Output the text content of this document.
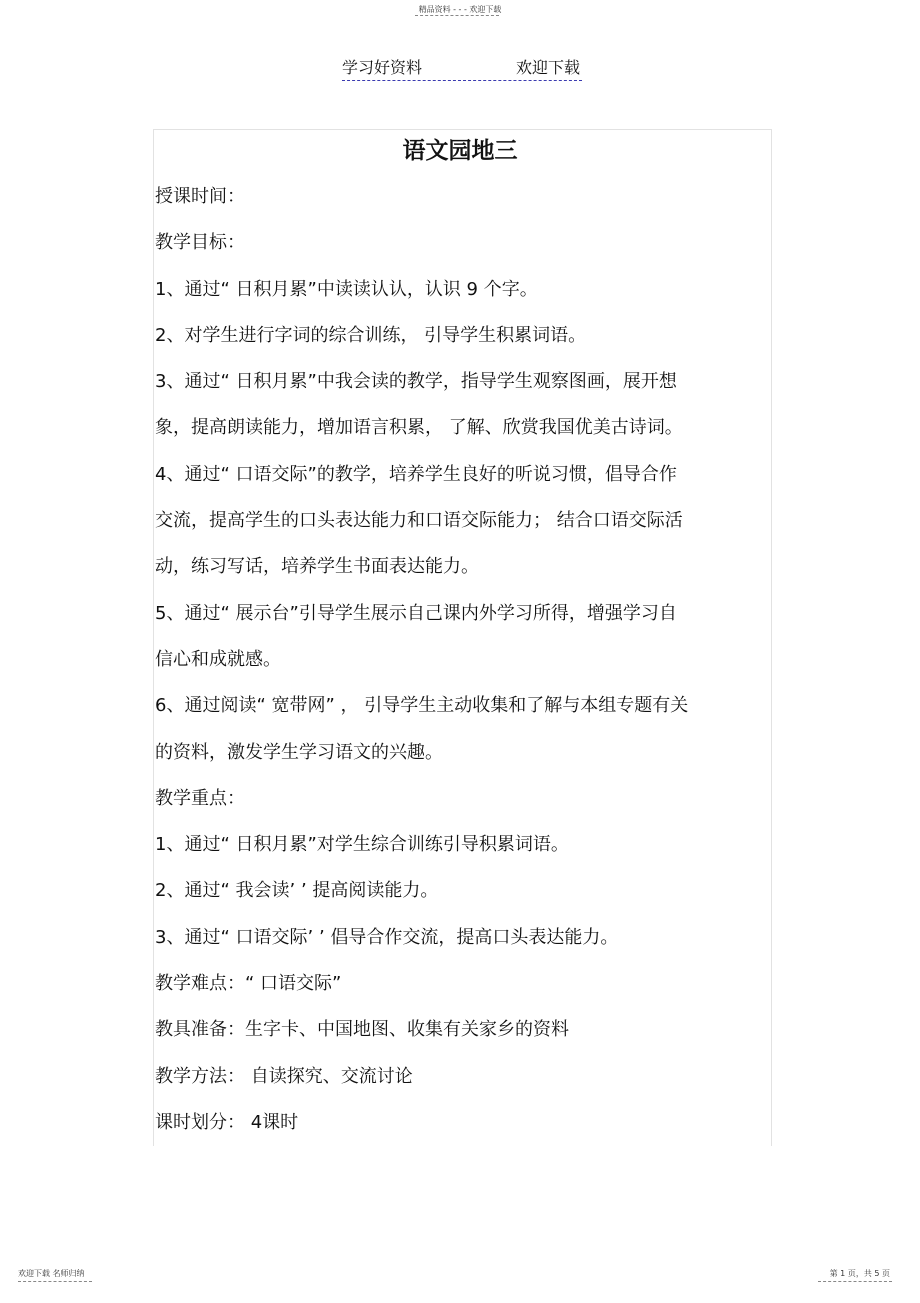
精品资料 - - - 欢迎下载
学习好资料	欢迎下载
语文园地三

授课时间：

教学目标：

1、通过“ 日积月累”中读读认认，认识 9 个字。

2、对学生进行字词的综合训练， 引导学生积累词语。

3、通过“ 日积月累”中我会读的教学，指导学生观察图画，展开想

象，提高朗读能力，增加语言积累， 了解、欣赏我国优美古诗词。

4、通过“ 口语交际”的教学，培养学生良好的听说习惯，倡导合作

交流，提高学生的口头表达能力和口语交际能力； 结合口语交际活

动，练习写话，培养学生书面表达能力。

5、通过“ 展示台”引导学生展示自己课内外学习所得，增强学习自

信心和成就感。

6、通过阅读“ 宽带网” ， 引导学生主动收集和了解与本组专题有关

的资料，激发学生学习语文的兴趣。

教学重点：

1、通过“ 日积月累”对学生综合训练引导积累词语。

2、通过“ 我会读’ ’ 提高阅读能力。

3、通过“ 口语交际’ ’ 倡导合作交流，提高口头表达能力。

教学难点：“ 口语交际”

教具准备：生字卡、中国地图、收集有关家乡的资料

教学方法： 自读探究、交流讨论

课时划分： 4课时

欢迎下载 名师归纳	第 1 页，共 5 页
